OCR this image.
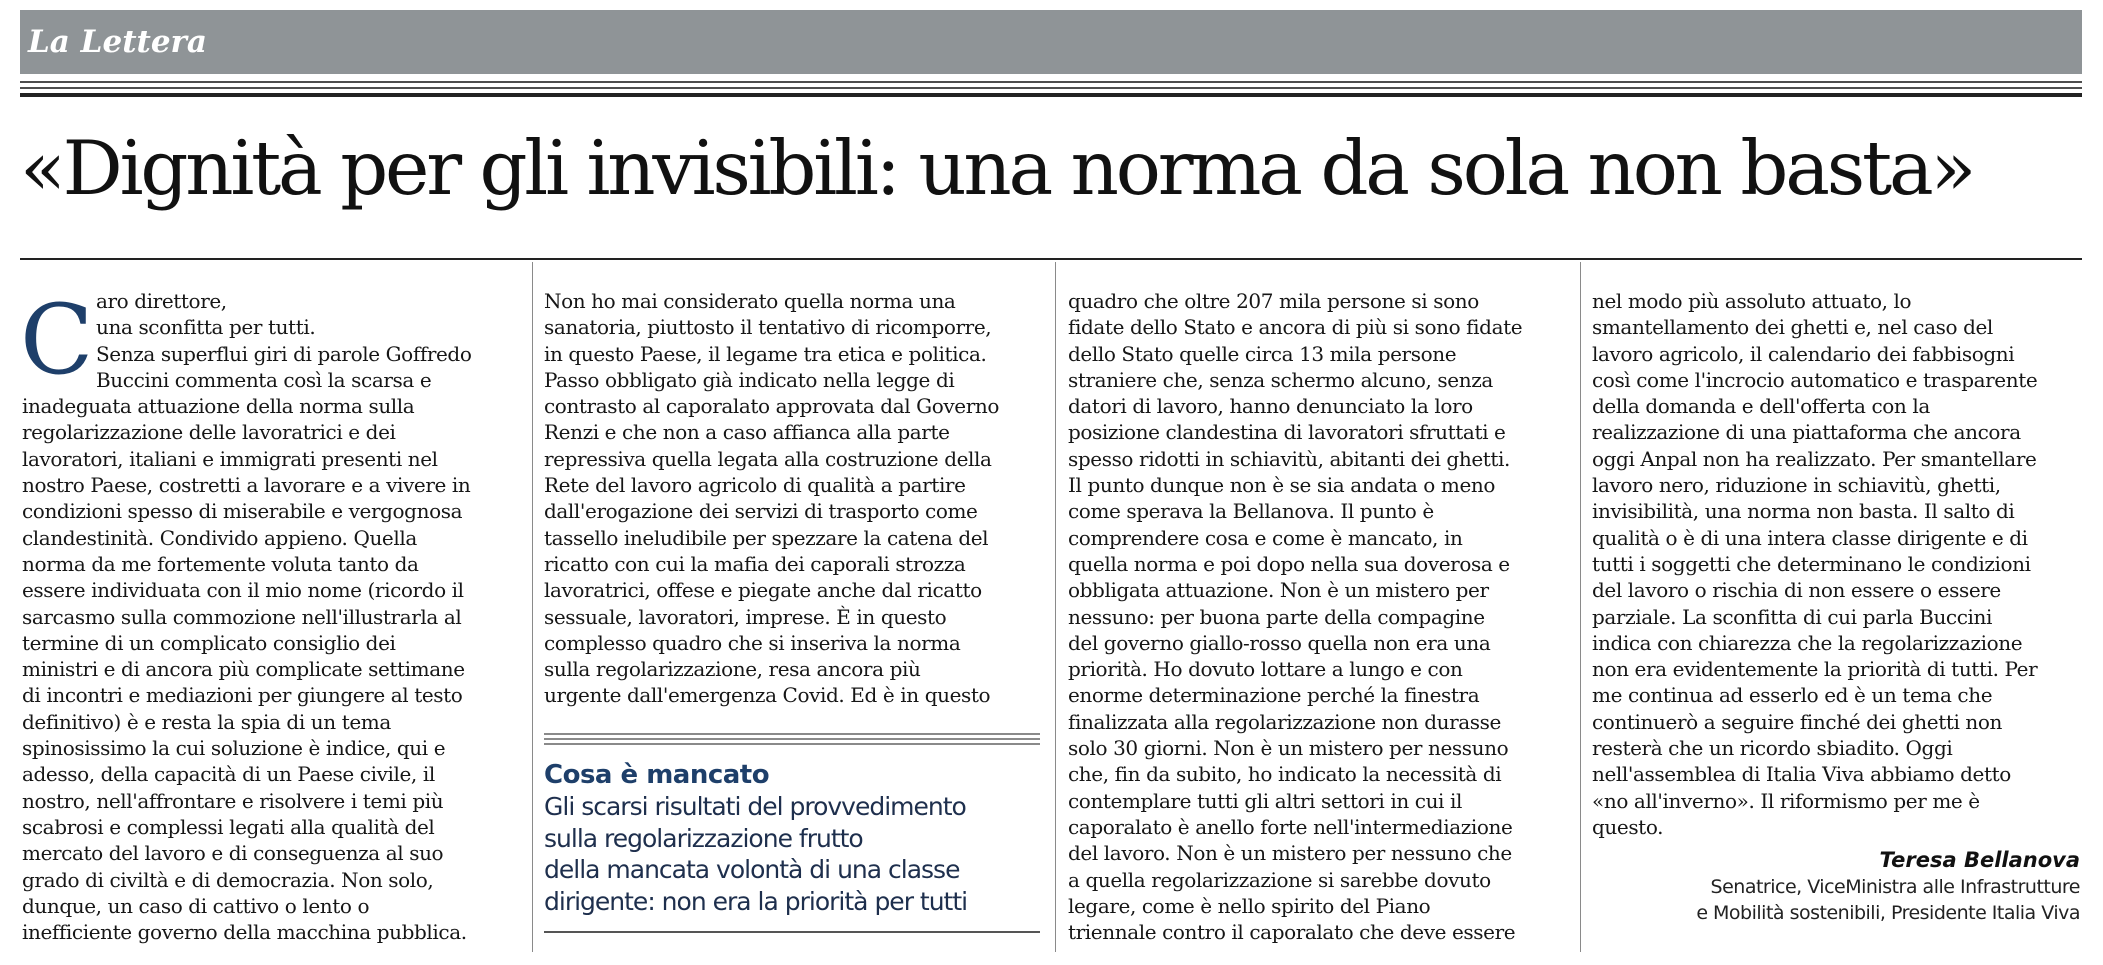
La Lettera
«Dignità per gli invisibili: una norma da sola non basta»
C aro direttore,
una sconfitta per tutti.
Senza superflui giri di parole Goffredo
Buccini commenta così la scarsa e
inadeguata attuazione della norma sulla
regolarizzazione delle lavoratrici e dei
lavoratori, italiani e immigrati presenti nel
nostro Paese, costretti a lavorare e a vivere in
condizioni spesso di miserabile e vergognosa
clandestinità. Condivido appieno. Quella
norma da me fortemente voluta tanto da
essere individuata con il mio nome (ricordo il
sarcasmo sulla commozione nell'illustrarla al
termine di un complicato consiglio dei
ministri e di ancora più complicate settimane
di incontri e mediazioni per giungere al testo
definitivo) è e resta la spia di un tema
spinosissimo la cui soluzione è indice, qui e
adesso, della capacità di un Paese civile, il
nostro, nell'affrontare e risolvere i temi più
scabrosi e complessi legati alla qualità del
mercato del lavoro e di conseguenza al suo
grado di civiltà e di democrazia. Non solo,
dunque, un caso di cattivo o lento o
inefficiente governo della macchina pubblica.

Non ho mai considerato quella norma una
sanatoria, piuttosto il tentativo di ricomporre,
in questo Paese, il legame tra etica e politica.
Passo obbligato già indicato nella legge di
contrasto al caporalato approvata dal Governo
Renzi e che non a caso affianca alla parte
repressiva quella legata alla costruzione della
Rete del lavoro agricolo di qualità a partire
dall'erogazione dei servizi di trasporto come
tassello ineludibile per spezzare la catena del
ricatto con cui la mafia dei caporali strozza
lavoratrici, offese e piegate anche dal ricatto
sessuale, lavoratori, imprese. È in questo
complesso quadro che si inseriva la norma
sulla regolarizzazione, resa ancora più
urgente dall'emergenza Covid. Ed è in questo

Cosa è mancato
Gli scarsi risultati del provvedimento
sulla regolarizzazione frutto
della mancata volontà di una classe
dirigente: non era la priorità per tutti

quadro che oltre 207 mila persone si sono
fidate dello Stato e ancora di più si sono fidate
dello Stato quelle circa 13 mila persone
straniere che, senza schermo alcuno, senza
datori di lavoro, hanno denunciato la loro
posizione clandestina di lavoratori sfruttati e
spesso ridotti in schiavitù, abitanti dei ghetti.
Il punto dunque non è se sia andata o meno
come sperava la Bellanova. Il punto è
comprendere cosa e come è mancato, in
quella norma e poi dopo nella sua doverosa e
obbligata attuazione. Non è un mistero per
nessuno: per buona parte della compagine
del governo giallo-rosso quella non era una
priorità. Ho dovuto lottare a lungo e con
enorme determinazione perché la finestra
finalizzata alla regolarizzazione non durasse
solo 30 giorni. Non è un mistero per nessuno
che, fin da subito, ho indicato la necessità di
contemplare tutti gli altri settori in cui il
caporalato è anello forte nell'intermediazione
del lavoro. Non è un mistero per nessuno che
a quella regolarizzazione si sarebbe dovuto
legare, come è nello spirito del Piano
triennale contro il caporalato che deve essere

nel modo più assoluto attuato, lo
smantellamento dei ghetti e, nel caso del
lavoro agricolo, il calendario dei fabbisogni
così come l'incrocio automatico e trasparente
della domanda e dell'offerta con la
realizzazione di una piattaforma che ancora
oggi Anpal non ha realizzato. Per smantellare
lavoro nero, riduzione in schiavitù, ghetti,
invisibilità, una norma non basta. Il salto di
qualità o è di una intera classe dirigente e di
tutti i soggetti che determinano le condizioni
del lavoro o rischia di non essere o essere
parziale. La sconfitta di cui parla Buccini
indica con chiarezza che la regolarizzazione
non era evidentemente la priorità di tutti. Per
me continua ad esserlo ed è un tema che
continuerò a seguire finché dei ghetti non
resterà che un ricordo sbiadito. Oggi
nell'assemblea di Italia Viva abbiamo detto
«no all'inverno». Il riformismo per me è
questo.

Teresa Bellanova
Senatrice, ViceMinistra alle Infrastrutture
e Mobilità sostenibili, Presidente Italia Viva
